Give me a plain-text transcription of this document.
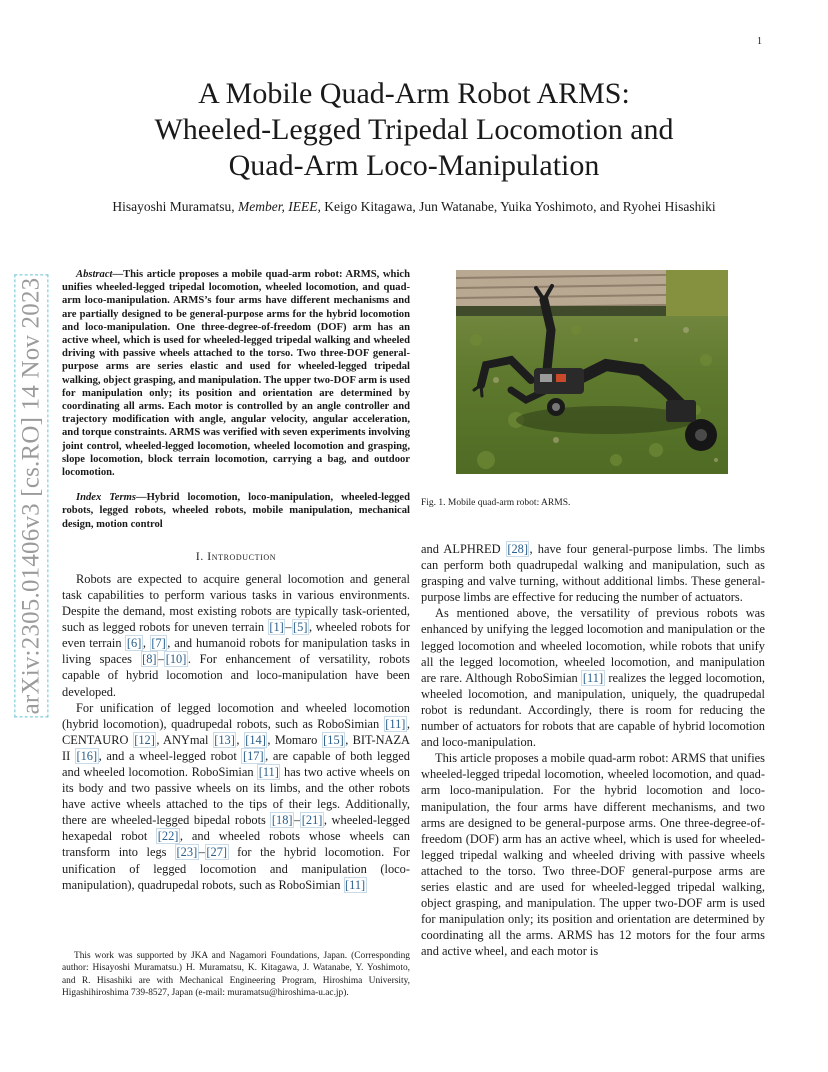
1
arXiv:2305.01406v3 [cs.RO] 14 Nov 2023
A Mobile Quad-Arm Robot ARMS:
Wheeled-Legged Tripedal Locomotion and
Quad-Arm Loco-Manipulation
Hisayoshi Muramatsu, Member, IEEE, Keigo Kitagawa, Jun Watanabe, Yuika Yoshimoto, and Ryohei Hisashiki

Abstract—This article proposes a mobile quad-arm robot: ARMS, which unifies wheeled-legged tripedal locomotion, wheeled locomotion, and quad-arm loco-manipulation. ARMS’s four arms have different mechanisms and are partially designed to be general-purpose arms for the hybrid locomotion and loco-manipulation. One three-degree-of-freedom (DOF) arm has an active wheel, which is used for wheeled-legged tripedal walking and wheeled driving with passive wheels attached to the torso. Two three-DOF general-purpose arms are series elastic and used for wheeled-legged tripedal walking, object grasping, and manipulation. The upper two-DOF arm is used for manipulation only; its position and orientation are determined by coordinating all arms. Each motor is controlled by an angle controller and trajectory modification with angle, angular velocity, angular acceleration, and torque constraints. ARMS was verified with seven experiments involving joint control, wheeled-legged locomotion, wheeled locomotion and grasping, slope locomotion, block terrain locomotion, carrying a bag, and outdoor locomotion.

Index Terms—Hybrid locomotion, loco-manipulation, wheeled-legged robots, legged robots, wheeled robots, mobile manipulation, mechanical design, motion control

I. Introduction

Robots are expected to acquire general locomotion and general task capabilities to perform various tasks in various environments. Despite the demand, most existing robots are typically task-oriented, such as legged robots for uneven terrain [1] – [5] , wheeled robots for even terrain [6] , [7] , and humanoid robots for manipulation tasks in living spaces [8] – [10] . For enhancement of versatility, robots capable of hybrid locomotion and loco-manipulation have been developed.

For unification of legged locomotion and wheeled locomotion (hybrid locomotion), quadrupedal robots, such as RoboSimian [11] , CENTAURO [12] , ANYmal [13] , [14] , Momaro [15] , BIT-NAZA II [16] , and a wheel-legged robot [17] , are capable of both legged and wheeled locomotion. RoboSimian [11] has two active wheels on its body and two passive wheels on its limbs, and the other robots have active wheels attached to the tips of their legs. Additionally, there are wheeled-legged bipedal robots [18] – [21] , wheeled-legged hexapedal robot [22] , and wheeled robots whose wheels can transform into legs [23] – [27] for the hybrid locomotion. For unification of legged locomotion and manipulation (loco-manipulation), quadrupedal robots, such as RoboSimian [11]

This work was supported by JKA and Nagamori Foundations, Japan. (Corresponding author: Hisayoshi Muramatsu.) H. Muramatsu, K. Kitagawa, J. Watanabe, Y. Yoshimoto, and R. Hisashiki are with Mechanical Engineering Program, Hiroshima University, Higashihiroshima 739-8527, Japan (e-mail: muramatsu@hiroshima-u.ac.jp).

Fig. 1. Mobile quad-arm robot: ARMS.

and ALPHRED [28] , have four general-purpose limbs. The limbs can perform both quadrupedal walking and manipulation, such as grasping and valve turning, without additional limbs. These general-purpose limbs are effective for reducing the number of actuators.

As mentioned above, the versatility of previous robots was enhanced by unifying the legged locomotion and manipulation or the legged locomotion and wheeled locomotion, while robots that unify all the legged locomotion, wheeled locomotion, and manipulation are rare. Although RoboSimian [11] realizes the legged locomotion, wheeled locomotion, and manipulation, uniquely, the quadrupedal robot is redundant. Accordingly, there is room for reducing the number of actuators for robots that are capable of hybrid locomotion and loco-manipulation.

This article proposes a mobile quad-arm robot: ARMS that unifies wheeled-legged tripedal locomotion, wheeled locomotion, and quad-arm loco-manipulation. For the hybrid locomotion and loco-manipulation, the four arms have different mechanisms, and two arms are designed to be general-purpose arms. One three-degree-of-freedom (DOF) arm has an active wheel, which is used for wheeled-legged tripedal walking and wheeled driving with passive wheels attached to the torso. Two three-DOF general-purpose arms are series elastic and are used for wheeled-legged tripedal walking, object grasping, and manipulation. The upper two-DOF arm is used for manipulation only; its position and orientation are determined by coordinating all the arms. ARMS has 12 motors for the four arms and active wheel, and each motor is
